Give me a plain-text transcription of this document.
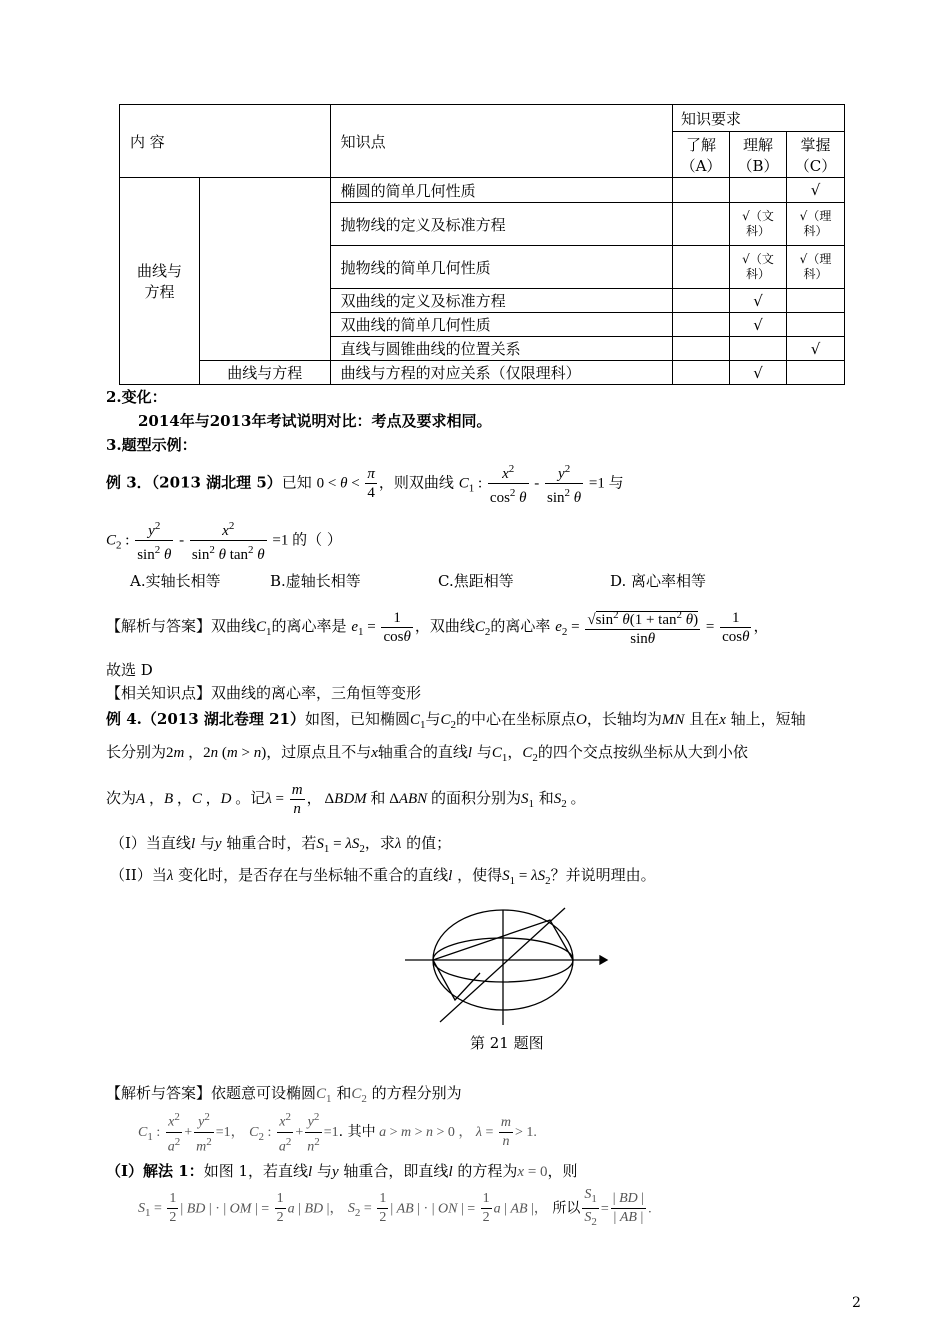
内 容		知识点	知识要求		
			了解（A）	理解（B）	掌握（C）
曲线与方程		椭圆的简单几何性质			√
		抛物线的定义及标准方程		√（文科）	√（理科）
		抛物线的简单几何性质		√（文科）	√（理科）
		双曲线的定义及标准方程		√	
		双曲线的简单几何性质		√	
		直线与圆锥曲线的位置关系			√
	曲线与方程	曲线与方程的对应关系（仅限理科）		√	
2.变化：
2014年与2013年考试说明对比：考点及要求相同。
3.题型示例：
例 3．（2013 湖北理 5）已知 $0 < \theta < \frac{\pi}{4}$ ，则双曲线 $C_1$ : $\frac{x^2}{\cos^2 \theta} - \frac{y^2}{\sin^2 \theta} =1$ 与
$C_2$ : $\frac{y^2}{\sin^2 \theta} - \frac{x^2}{\sin^2 \theta \tan^2 \theta} =1$ 的（ ）
A.实轴长相等	B.虚轴长相等	C.焦距相等	D. 离心率相等
【解析与答案】双曲线$C_1$的离心率是 $e_1 = \frac{1}{\cos\theta}$ ，双曲线$C_2$的离心率 $e_2 = \frac{√\sin^2 \theta(1 + \tan^2 \theta)}{\sin\theta} = \frac{1}{\cos\theta}$ ，
故选 D
【相关知识点】双曲线的离心率，三角恒等变形
例 4.（2013 湖北卷理 21）如图，已知椭圆$C_1$与$C_2$的中心在坐标原点O，长轴均为MN 且在x 轴上，短轴
长分别为2m ，2n (m > n)，过原点且不与x轴重合的直线l 与$C_1$，$C_2$的四个交点按纵坐标从大到小依
次为A ，B ，C ，D 。记$\lambda = \frac{m}{n}$ ， ΔBDM 和 ΔABN 的面积分别为$S_1$ 和$S_2$ 。
（I）当直线l 与y 轴重合时，若$S_1 = \lambda S_2$，求λ 的值；
（II）当λ 变化时，是否存在与坐标轴不重合的直线l ，使得$S_1 = \lambda S_2$？并说明理由。
第 21 题图
【解析与答案】依题意可设椭圆$C_1$ 和$C_2$ 的方程分别为
$C_1$ : $\frac{x^2}{a^2} + \frac{y^2}{m^2} =1$， $C_2$ : $\frac{x^2}{a^2} + \frac{y^2}{n^2} =1$. 其中 a > m > n > 0 ， $\lambda = \frac{m}{n} > 1$.
（Ⅰ）解法 1：如图 1，若直线l 与y 轴重合，即直线l 的方程为x = 0，则
$S_1 = \frac{1}{2}$ | BD | · | OM | = $\frac{1}{2}$ a | BD |， $S_2 = \frac{1}{2}$ | AB | · | ON | = $\frac{1}{2}$ a | AB |， 所以 $\frac{S_1}{S_2} = \frac{| BD |}{| AB |}$ .
2
